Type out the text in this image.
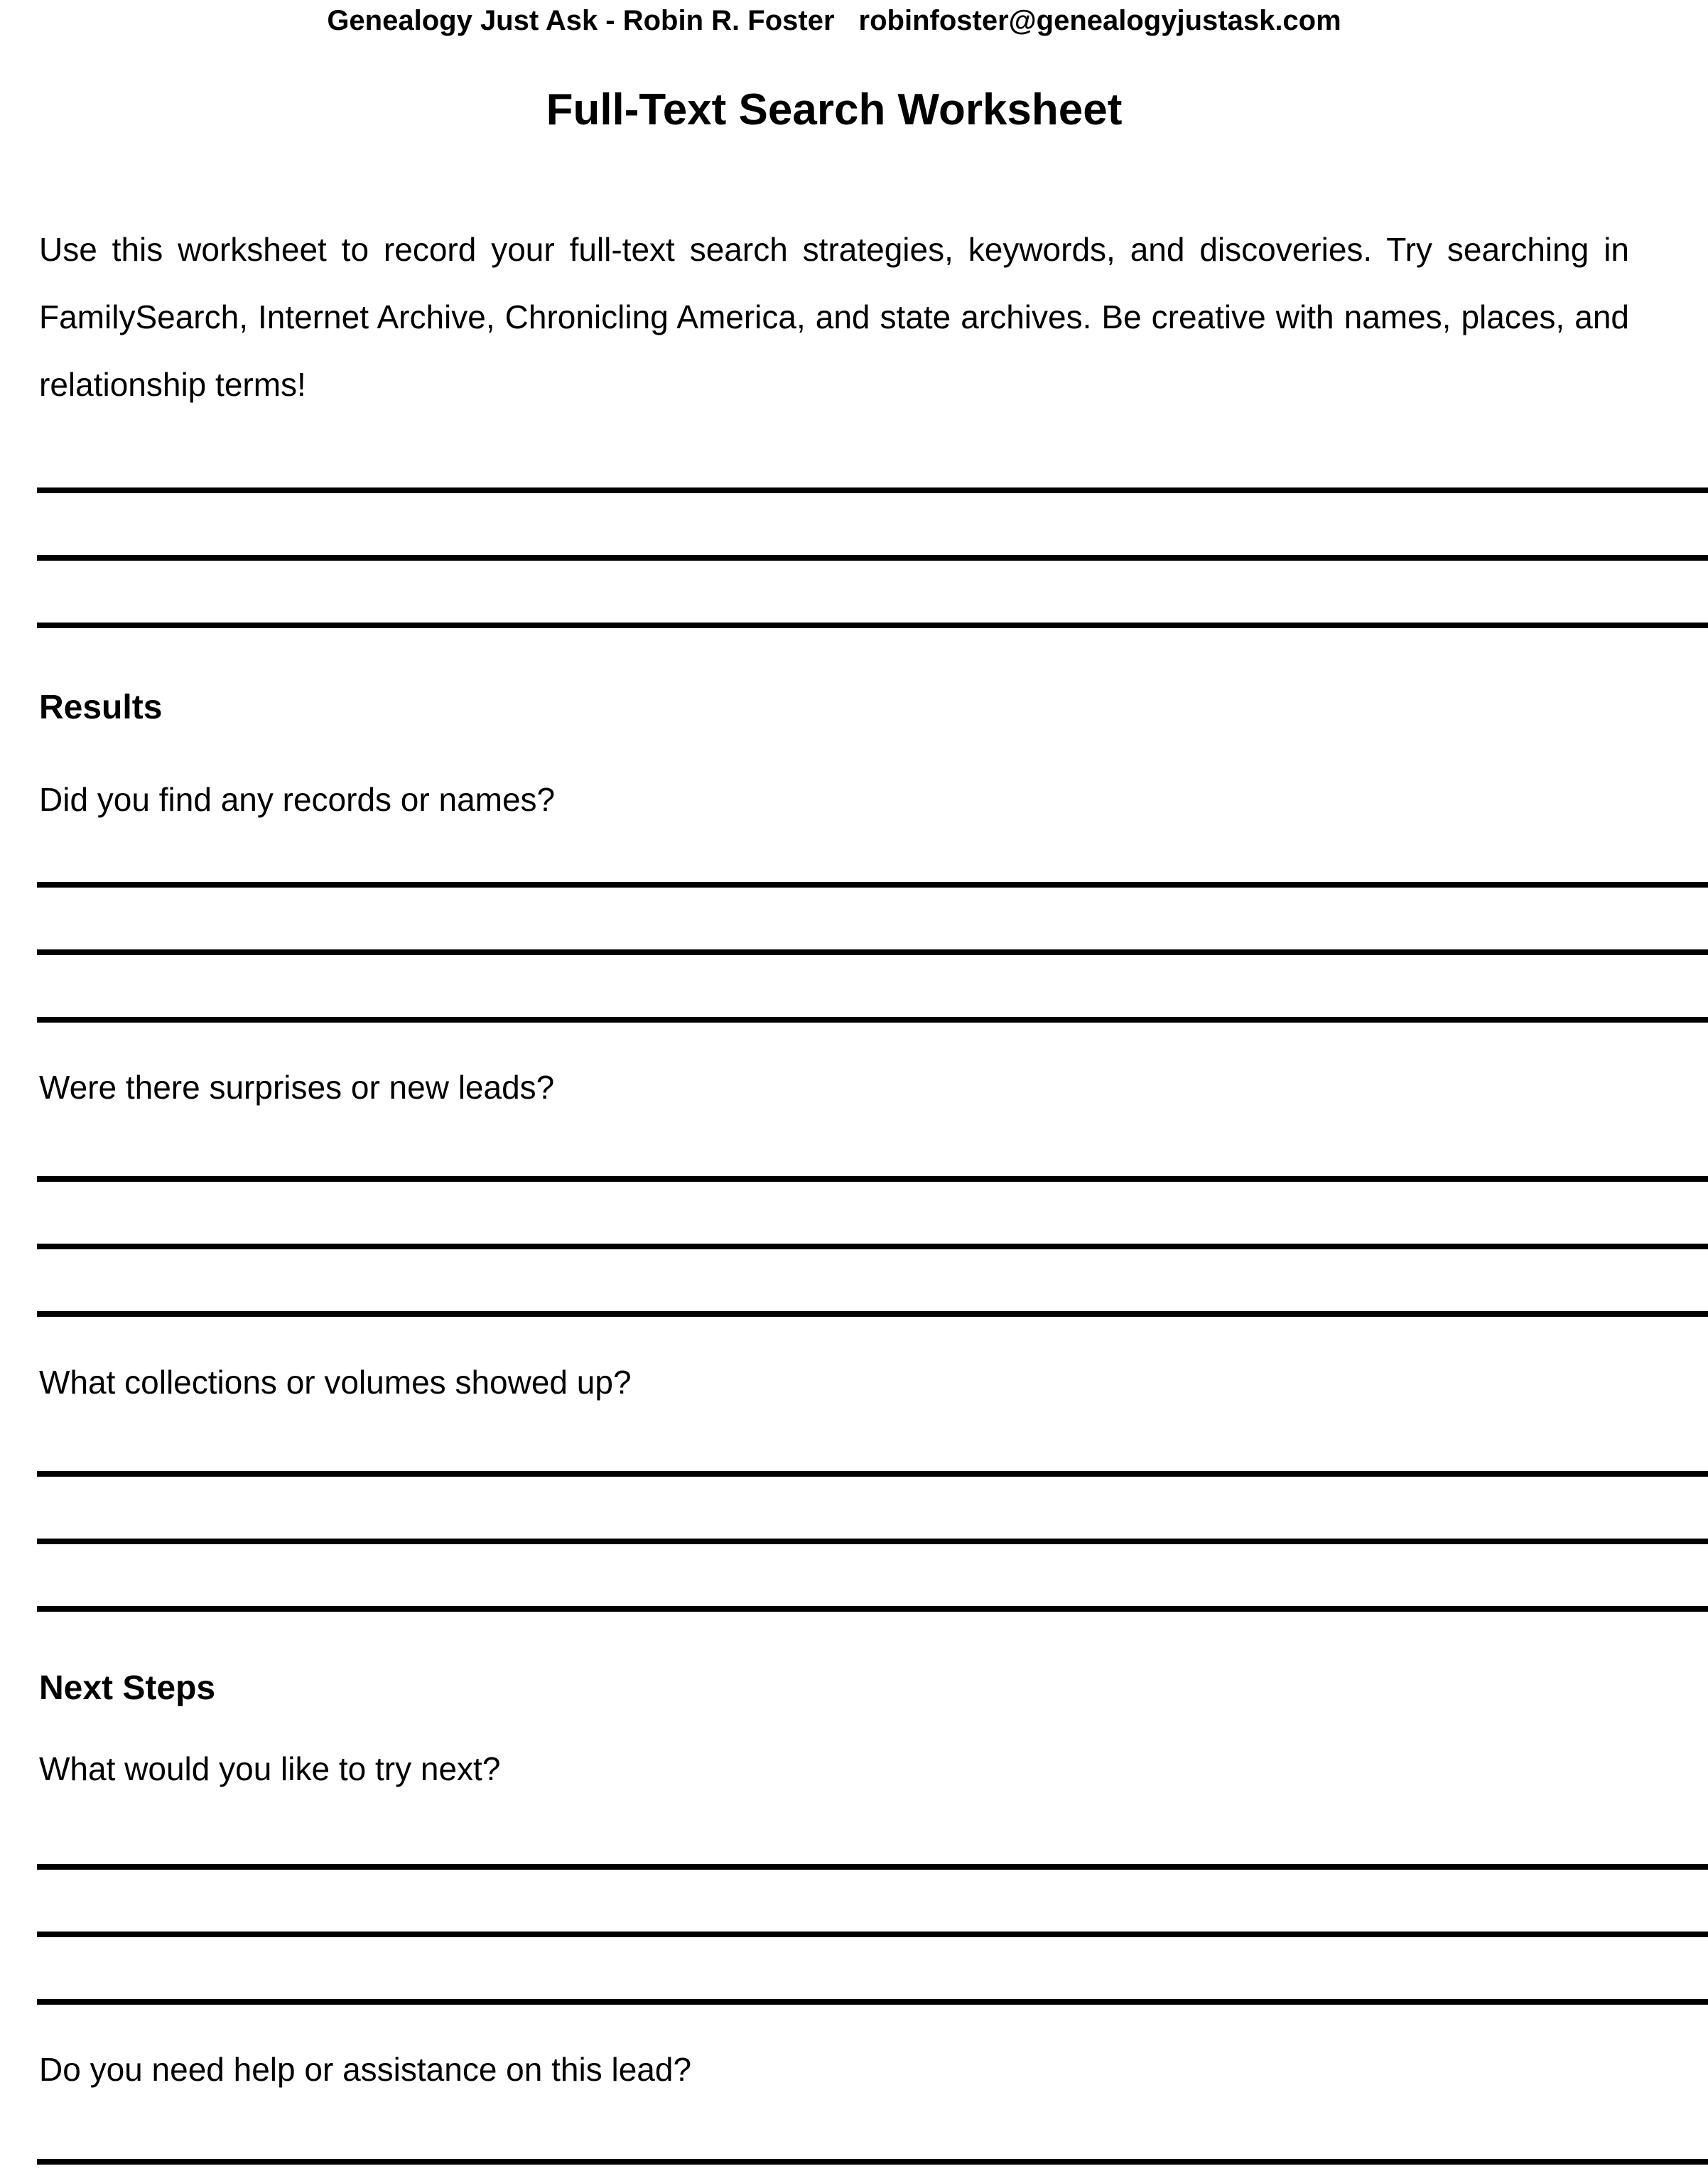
Genealogy Just Ask - Robin R. Foster robinfoster@genealogyjustask.com
Full-Text Search Worksheet

Use this worksheet to record your full-text search strategies, keywords, and discoveries. Try searching in FamilySearch, Internet Archive, Chronicling America, and state archives. Be creative with names, places, and relationship terms!

Results

Did you find any records or names?

Were there surprises or new leads?

What collections or volumes showed up?

Next Steps

What would you like to try next?

Do you need help or assistance on this lead?
